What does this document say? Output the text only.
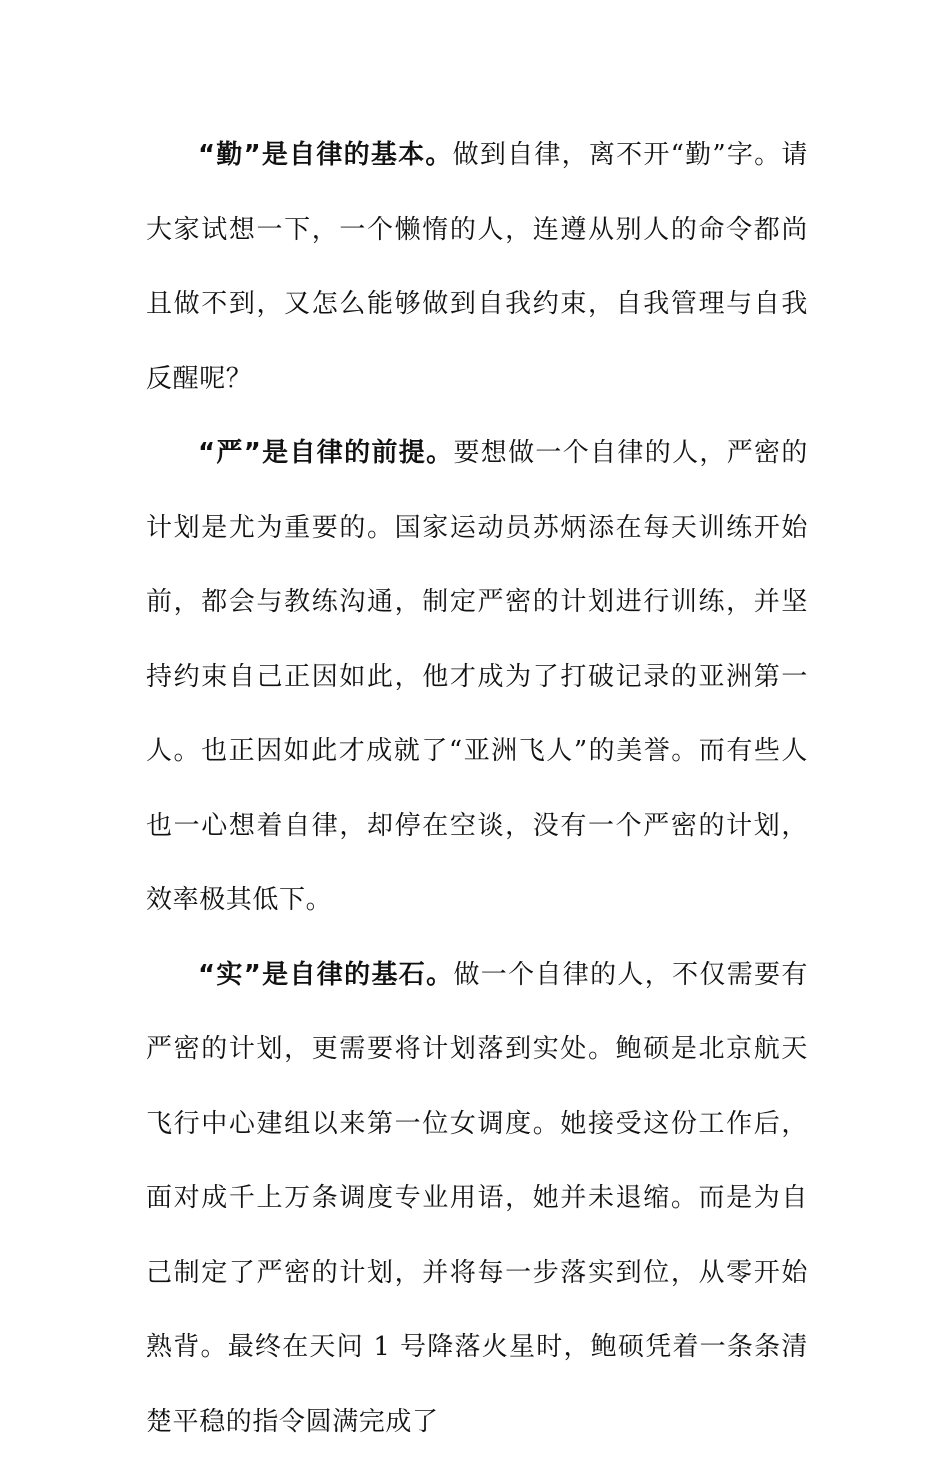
“勤”是自律的基本。做到自律，离不开“勤”字。请大家试想一下，一个懒惰的人，连遵从别人的命令都尚且做不到，又怎么能够做到自我约束，自我管理与自我反醒呢？

“严”是自律的前提。要想做一个自律的人，严密的计划是尤为重要的。国家运动员苏炳添在每天训练开始前，都会与教练沟通，制定严密的计划进行训练，并坚持约束自己正因如此，他才成为了打破记录的亚洲第一人。也正因如此才成就了“亚洲飞人”的美誉。而有些人也一心想着自律，却停在空谈，没有一个严密的计划，效率极其低下。

“实”是自律的基石。做一个自律的人，不仅需要有严密的计划，更需要将计划落到实处。鲍硕是北京航天飞行中心建组以来第一位女调度。她接受这份工作后，面对成千上万条调度专业用语，她并未退缩。而是为自己制定了严密的计划，并将每一步落实到位，从零开始熟背。最终在天问 1 号降落火星时，鲍硕凭着一条条清楚平稳的指令圆满完成了
